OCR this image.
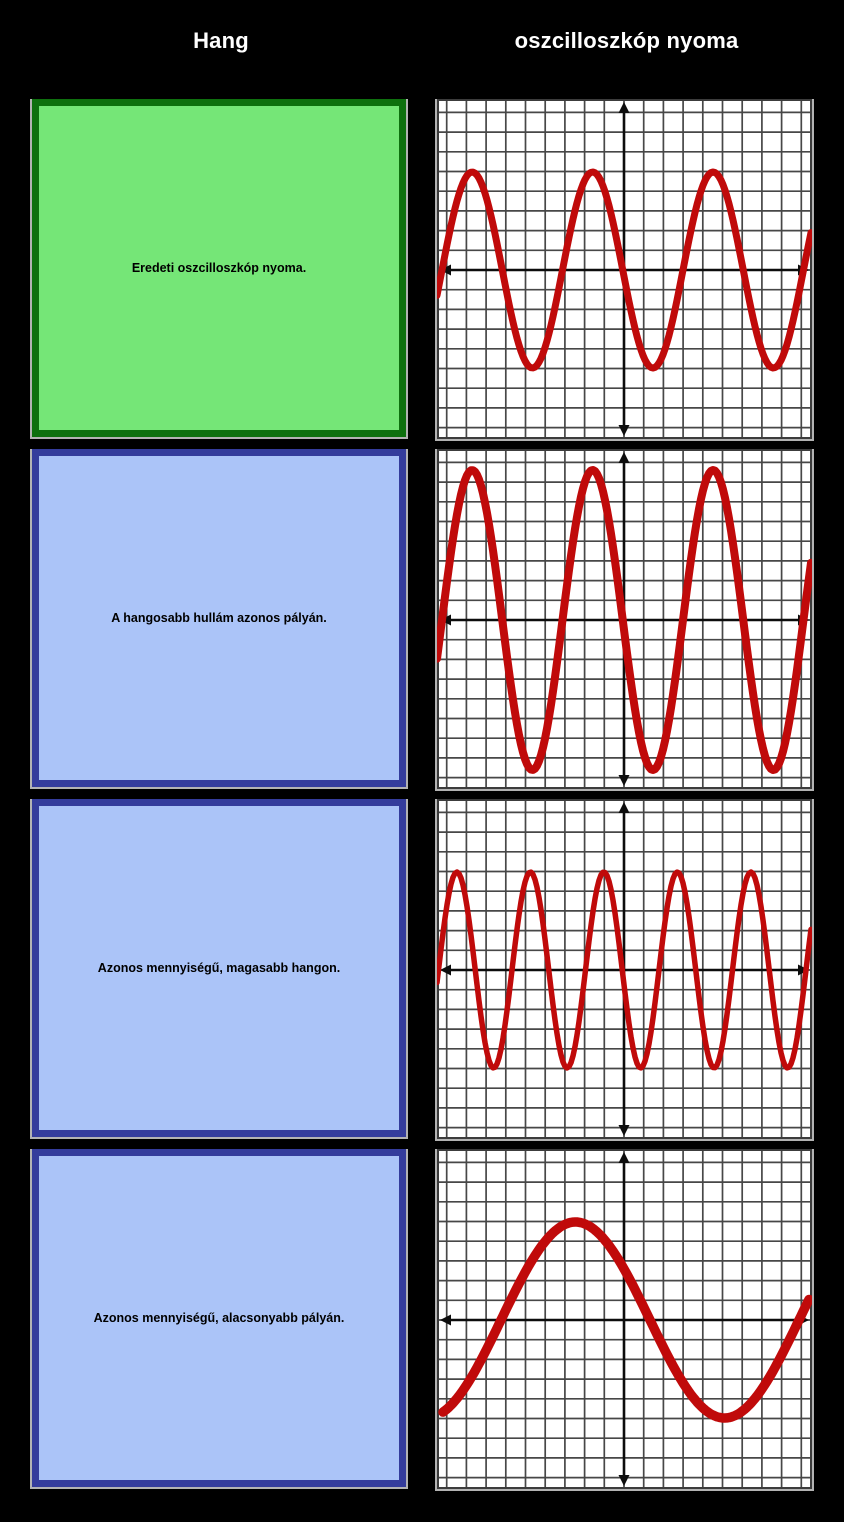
Hang	oszcilloszkóp nyoma
Eredeti oszcilloszkóp nyoma.
A hangosabb hullám azonos pályán.
Azonos mennyiségű, magasabb hangon.
Azonos mennyiségű, alacsonyabb pályán.
